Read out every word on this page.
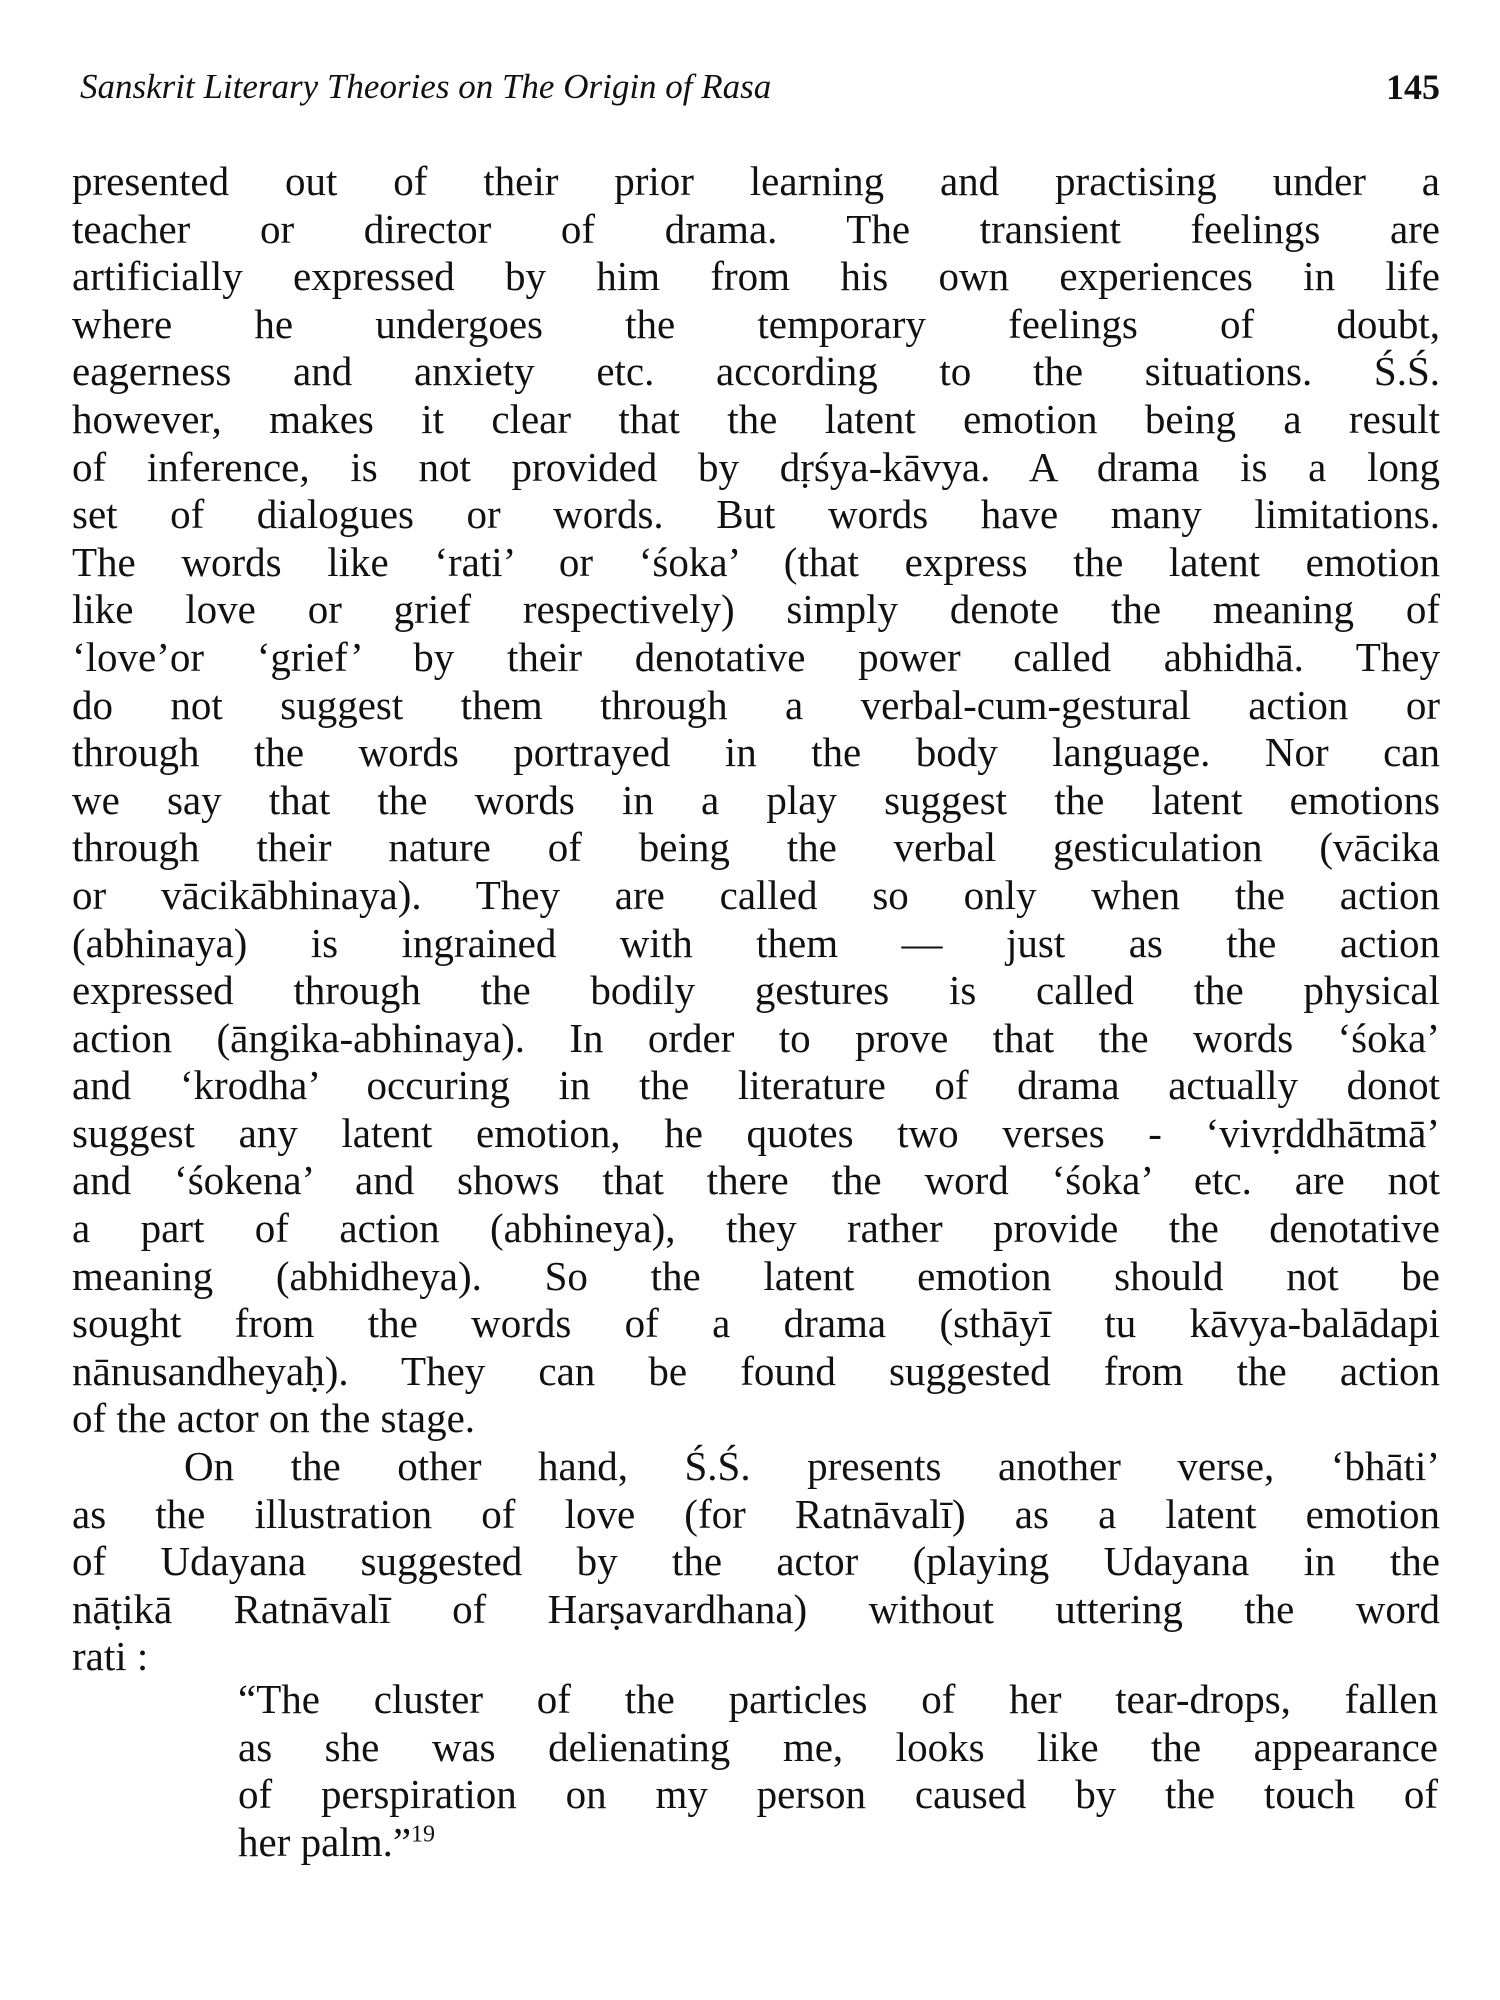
Sanskrit Literary Theories on The Origin of Rasa	145
presented out of their prior learning and practising under a
teacher or director of drama. The transient feelings are
artificially expressed by him from his own experiences in life
where he undergoes the temporary feelings of doubt,
eagerness and anxiety etc. according to the situations. Ś.Ś.
however, makes it clear that the latent emotion being a result
of inference, is not provided by dṛśya-kāvya. A drama is a long
set of dialogues or words. But words have many limitations.
The words like ‘rati’ or ‘śoka’ (that express the latent emotion
like love or grief respectively) simply denote the meaning of
‘love’or ‘grief’ by their denotative power called abhidhā. They
do not suggest them through a verbal-cum-gestural action or
through the words portrayed in the body language. Nor can
we say that the words in a play suggest the latent emotions
through their nature of being the verbal gesticulation (vācika
or vācikābhinaya). They are called so only when the action
(abhinaya) is ingrained with them — just as the action
expressed through the bodily gestures is called the physical
action (āngika-abhinaya). In order to prove that the words ‘śoka’
and ‘krodha’ occuring in the literature of drama actually donot
suggest any latent emotion, he quotes two verses - ‘vivṛddhātmā’
and ‘śokena’ and shows that there the word ‘śoka’ etc. are not
a part of action (abhineya), they rather provide the denotative
meaning (abhidheya). So the latent emotion should not be
sought from the words of a drama (sthāyī tu kāvya-balādapi
nānusandheyaḥ). They can be found suggested from the action
of the actor on the stage.
On the other hand, Ś.Ś. presents another verse, ‘bhāti’
as the illustration of love (for Ratnāvalī) as a latent emotion
of Udayana suggested by the actor (playing Udayana in the
nāṭikā Ratnāvalī of Harṣavardhana) without uttering the word
rati :
“The cluster of the particles of her tear-drops, fallen
as she was delienating me, looks like the appearance
of perspiration on my person caused by the touch of
her palm.”$^{19}$
